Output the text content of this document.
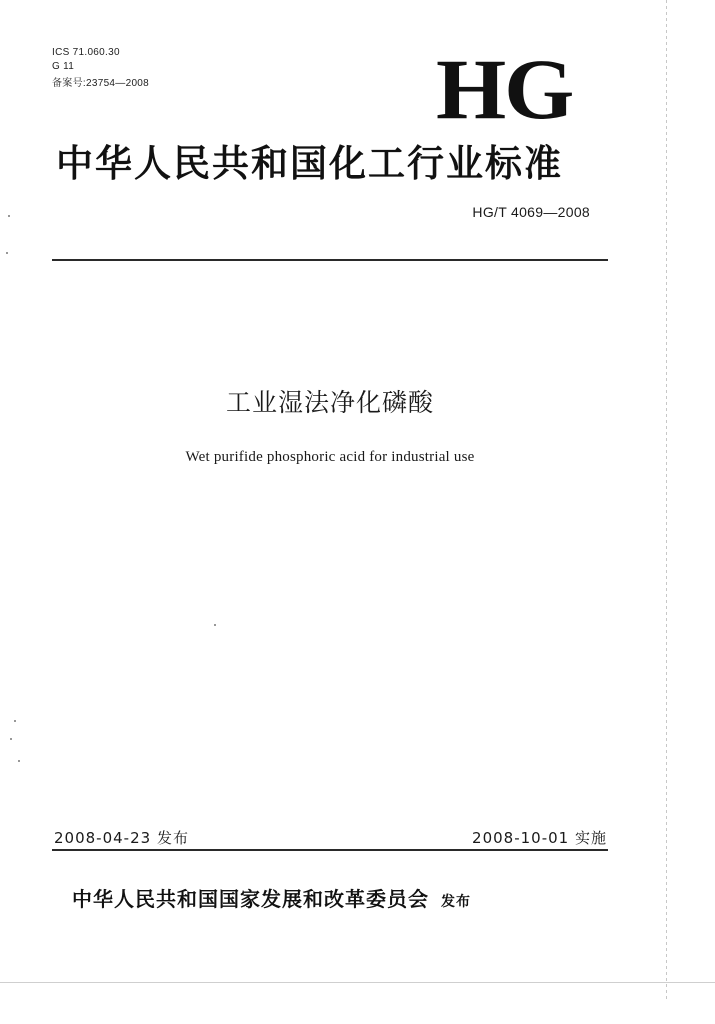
ICS 71.060.30
G 11
备案号:23754—2008	HG
中华人民共和国化工行业标准
HG/T 4069—2008
工业湿法净化磷酸
Wet purifide phosphoric acid for industrial use
2008-04-23 发布	2008-10-01 实施
中华人民共和国国家发展和改革委员会 发布
